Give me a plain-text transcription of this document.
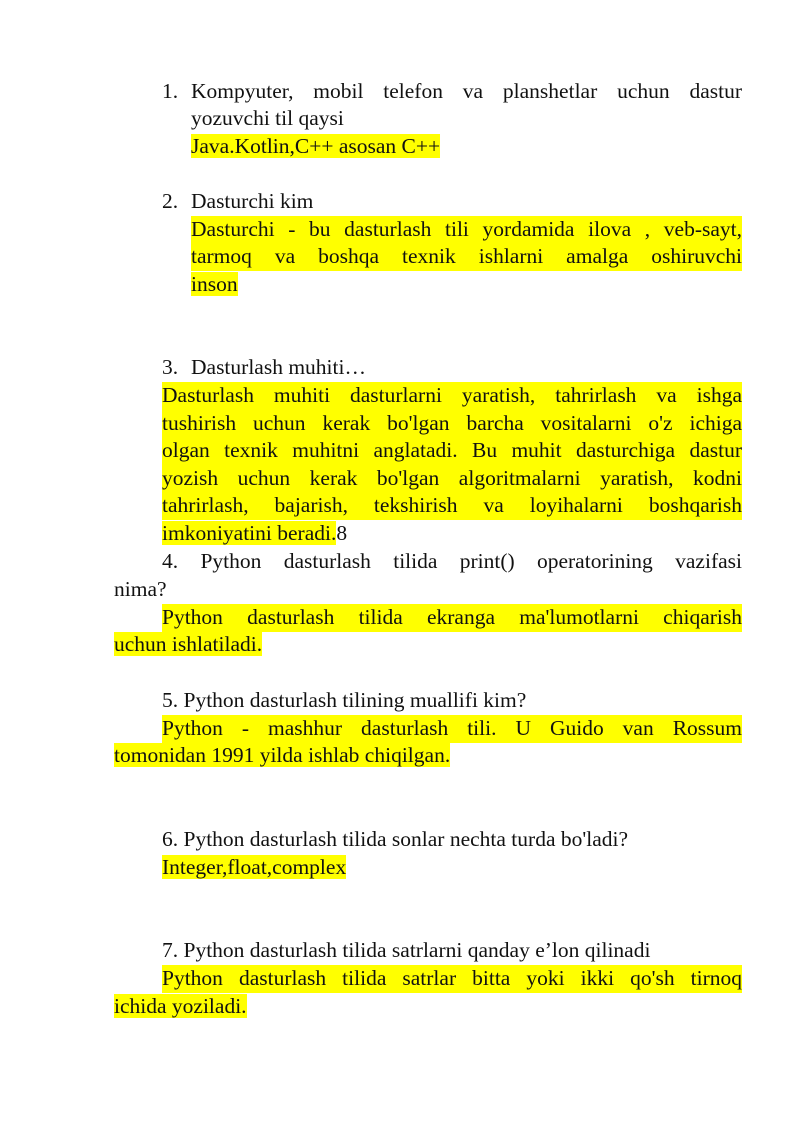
1. Kompyuter, mobil telefon va planshetlar uchun dastur
yozuvchi til qaysi
Java.Kotlin,C++ asosan C++
2. Dasturchi kim
Dasturchi - bu dasturlash tili yordamida ilova , veb-sayt,
tarmoq va boshqa texnik ishlarni amalga oshiruvchi
inson
3. Dasturlash muhiti…
Dasturlash muhiti dasturlarni yaratish, tahrirlash va ishga
tushirish uchun kerak bo'lgan barcha vositalarni o'z ichiga
olgan texnik muhitni anglatadi. Bu muhit dasturchiga dastur
yozish uchun kerak bo'lgan algoritmalarni yaratish, kodni
tahrirlash, bajarish, tekshirish va loyihalarni boshqarish
imkoniyatini beradi.8
4. Python dasturlash tilida print() operatorining vazifasi
nima?
Python dasturlash tilida ekranga ma'lumotlarni chiqarish
uchun ishlatiladi.
5. Python dasturlash tilining muallifi kim?
Python - mashhur dasturlash tili. U Guido van Rossum
tomonidan 1991 yilda ishlab chiqilgan.
6. Python dasturlash tilida sonlar nechta turda bo'ladi?
Integer,float,complex
7. Python dasturlash tilida satrlarni qanday e’lon qilinadi
Python dasturlash tilida satrlar bitta yoki ikki qo'sh tirnoq
ichida yoziladi.
